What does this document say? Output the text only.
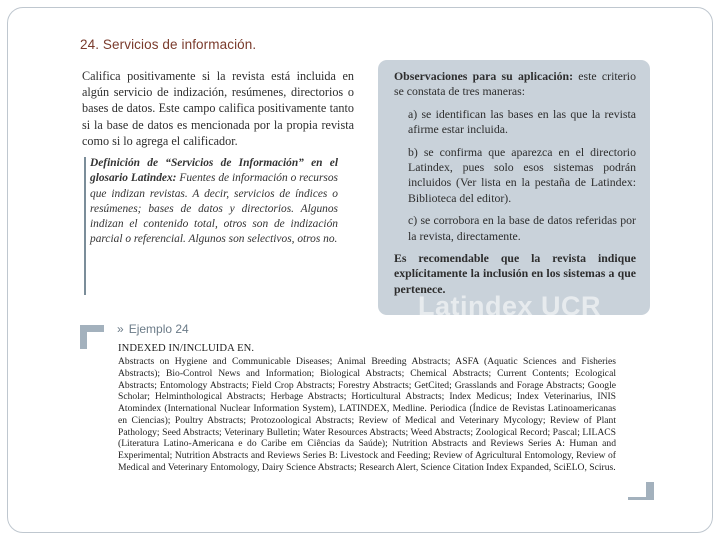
24. Servicios de información.

Califica positivamente si la revista está incluida en algún servicio de indización, resúmenes, directorios o bases de datos. Este campo califica positivamente tanto si la base de datos es mencionada por la propia revista como si lo agrega el calificador.

Definición de “Servicios de Información” en el glosario Latindex: Fuentes de información o recursos que indizan revistas. A decir, servicios de índices o resúmenes; bases de datos y directorios. Algunos indizan el contenido total, otros son de indización parcial o referencial. Algunos son selectivos, otros no.

Observaciones para su aplicación: este criterio se constata de tres maneras:

a) se identifican las bases en las que la revista afirme estar incluida.

b) se confirma que aparezca en el directorio Latindex, pues solo esos sistemas podrán incluidos (Ver lista en la pestaña de Latindex: Biblioteca del editor).

c) se corrobora en la base de datos referidas por la revista, directamente.

Es recomendable que la revista indique explícitamente la inclusión en los sistemas a que pertenece.

Latindex UCR
» Ejemplo 24
INDEXED IN/INCLUIDA EN.

Abstracts on Hygiene and Communicable Diseases; Animal Breeding Abstracts; ASFA (Aquatic Sciences and Fisheries Abstracts); Bio-Control News and Information; Biological Abstracts; Chemical Abstracts; Current Contents; Ecological Abstracts; Entomology Abstracts; Field Crop Abstracts; Forestry Abstracts; GetCited; Grasslands and Forage Abstracts; Google Scholar; Helminthological Abstracts; Herbage Abstracts; Horticultural Abstracts; Index Medicus; Index Veterinarius, INIS Atomindex (International Nuclear Information System), LATINDEX, Medline. Periodica (Índice de Revistas Latinoamericanas en Ciencias); Poultry Abstracts; Protozoological Abstracts; Review of Medical and Veterinary Mycology; Review of Plant Pathology; Seed Abstracts; Veterinary Bulletin; Water Resources Abstracts; Weed Abstracts; Zoological Record; Pascal; LILACS (Literatura Latino-Americana e do Caribe em Ciências da Saúde); Nutrition Abstracts and Reviews Series A: Human and Experimental; Nutrition Abstracts and Reviews Series B: Livestock and Feeding; Review of Agricultural Entomology, Review of Medical and Veterinary Entomology, Dairy Science Abstracts; Research Alert, Science Citation Index Expanded, SciELO, Scirus.
